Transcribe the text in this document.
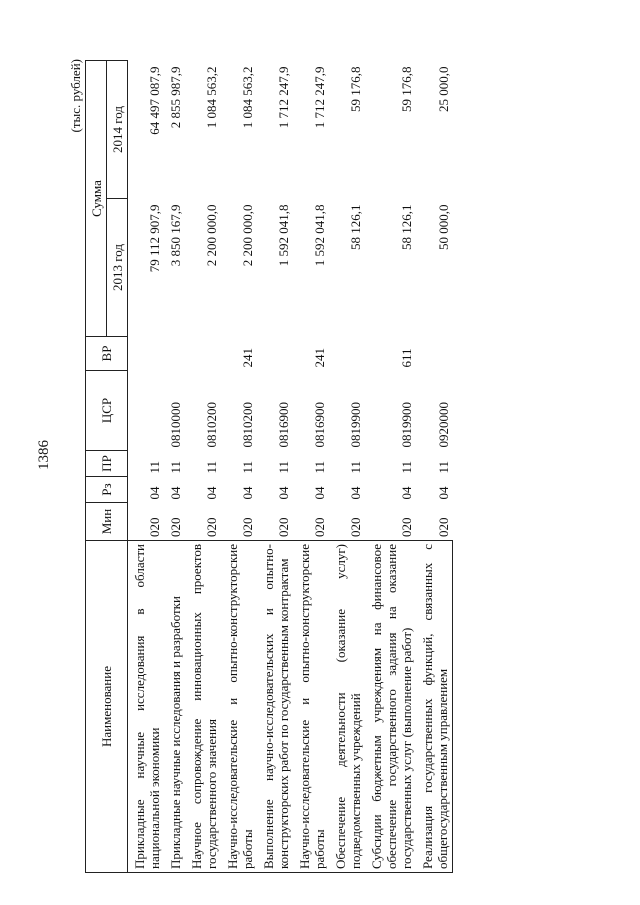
1386
(тыс. рублей)
Наименование	Мин	Рз	ПР	ЦСР	ВР	Сумма	
						2013 год	2014 год
Прикладные научные исследования в области национальной экономики	020	04	11			79 112 907,9	64 497 087,9
Прикладные научные исследования и разработки	020	04	11	0810000		3 850 167,9	2 855 987,9
Научное сопровождение инновационных проектов государственного значения	020	04	11	0810200		2 200 000,0	1 084 563,2
Научно-исследовательские и опытно-конструкторские работы	020	04	11	0810200	241	2 200 000,0	1 084 563,2
Выполнение научно-исследовательских и опытно-конструкторских работ по государственным контрактам	020	04	11	0816900		1 592 041,8	1 712 247,9
Научно-исследовательские и опытно-конструкторские работы	020	04	11	0816900	241	1 592 041,8	1 712 247,9
Обеспечение деятельности (оказание услуг) подведомственных учреждений	020	04	11	0819900		58 126,1	59 176,8
Субсидии бюджетным учреждениям на финансовое обеспечение государственного задания на оказание государственных услуг (выполнение работ)	020	04	11	0819900	611	58 126,1	59 176,8
Реализация государственных функций, связанных с общегосударственным управлением	020	04	11	0920000		50 000,0	25 000,0
